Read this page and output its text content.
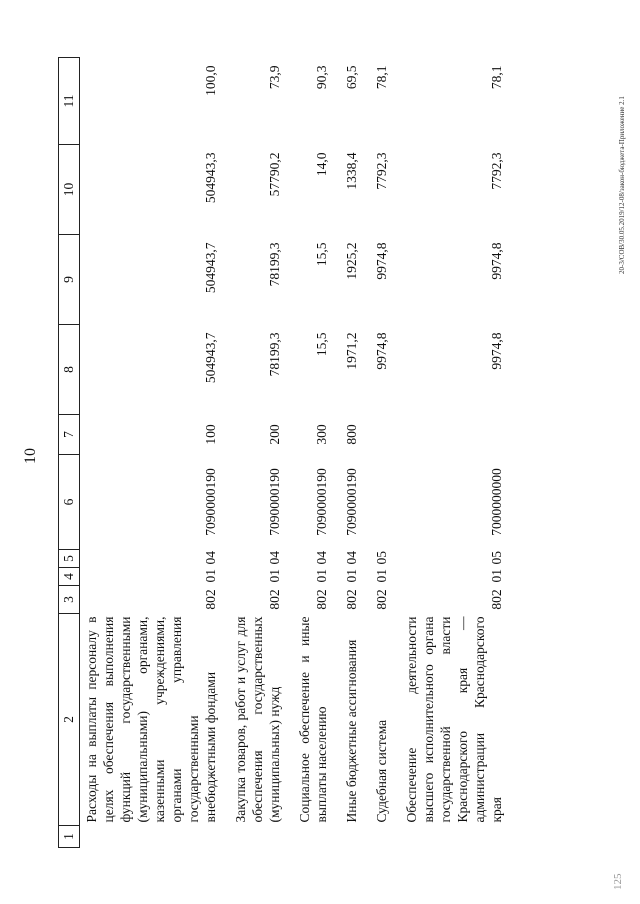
10
1	2	3	4	5	6	7	8	9	10	11
	Расходы на выплаты персоналу в целях обеспечения выполнения функций государственными (муниципальными) органами, казенными учреждениями, органами управления государственными внебюджетными фондами	802	01	04	7090000190	100	504943,7	504943,7	504943,3	100,0
	Закупка товаров, работ и услуг для обеспечения государственных (муниципальных) нужд	802	01	04	7090000190	200	78199,3	78199,3	57790,2	73,9
	Социальное обеспечение и иные выплаты населению	802	01	04	7090000190	300	15,5	15,5	14,0	90,3
	Иные бюджетные ассигнования	802	01	04	7090000190	800	1971,2	1925,2	1338,4	69,5
	Судебная система	802	01	05			9974,8	9974,8	7792,3	78,1
	Обеспечение деятельности высшего исполнительного органа государственной власти Краснодарского края — администрации Краснодарского края	802	01	05	7000000000		9974,8	9974,8	7792,3	78,1
20-3/СОВ/30.05.2019/12-08/закон-бюджета-Приложение 2.1
125
